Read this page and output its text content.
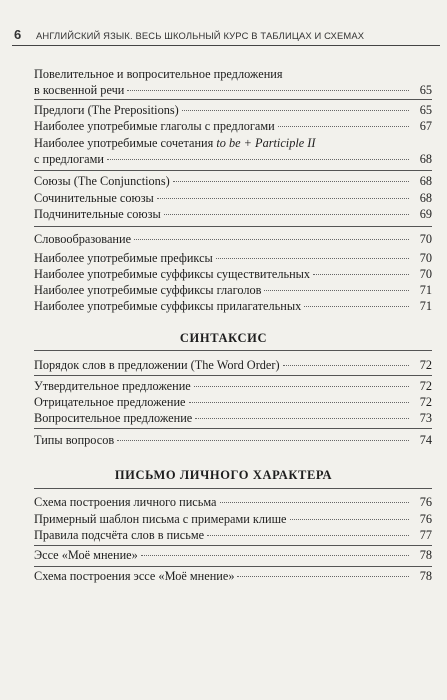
6 АНГЛИЙСКИЙ ЯЗЫК. ВЕСЬ ШКОЛЬНЫЙ КУРС В ТАБЛИЦАХ И СХЕМАХ
Повелительное и вопросительное предложения
в косвенной речи	65
Предлоги (The Prepositions)	65
Наиболее употребимые глаголы с предлогами	67
Наиболее употребимые сочетания to be + Participle II
с предлогами	68
Союзы (The Conjunctions)	68
Сочинительные союзы	68
Подчинительные союзы	69
Словообразование	70
Наиболее употребимые префиксы	70
Наиболее употребимые суффиксы существительных	70
Наиболее употребимые суффиксы глаголов	71
Наиболее употребимые суффиксы прилагательных	71
СИНТАКСИС
Порядок слов в предложении (The Word Order)	72
Утвердительное предложение	72
Отрицательное предложение	72
Вопросительное предложение	73
Типы вопросов	74
ПИСЬМО ЛИЧНОГО ХАРАКТЕРА
Схема построения личного письма	76
Примерный шаблон письма с примерами клише	76
Правила подсчёта слов в письме	77
Эссе «Моё мнение»	78
Схема построения эссе «Моё мнение»	78
